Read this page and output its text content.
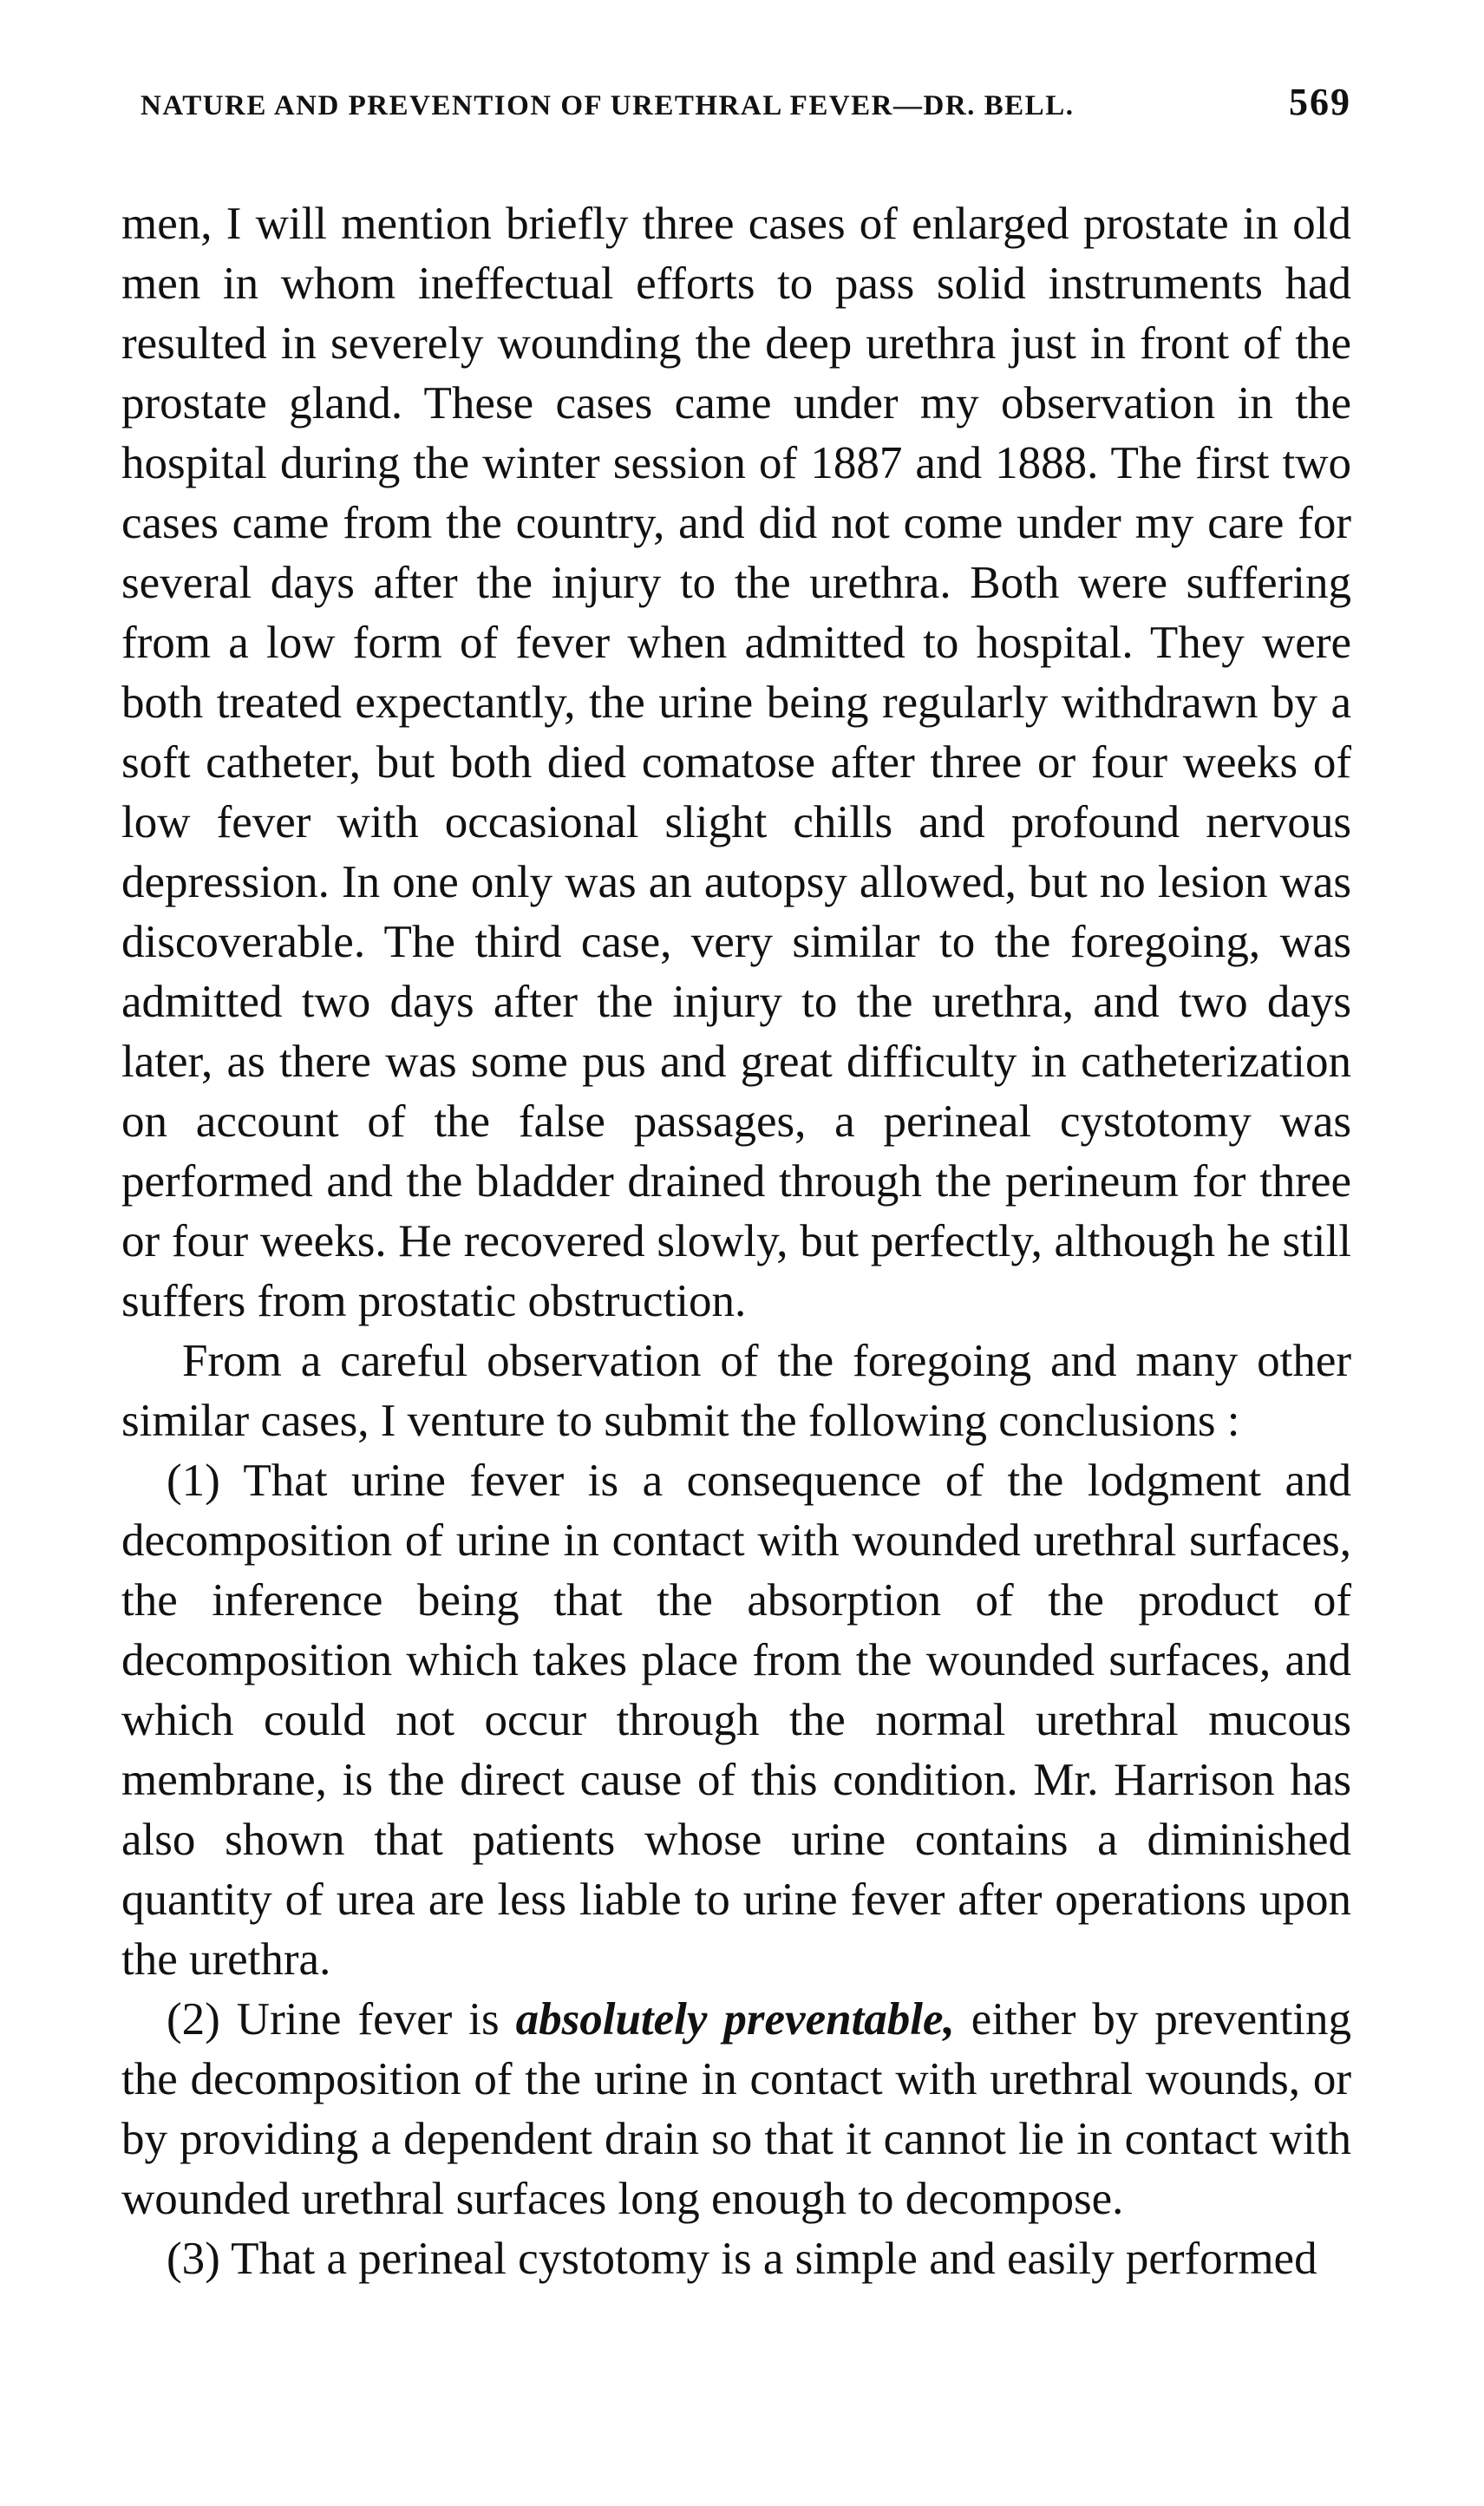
NATURE AND PREVENTION OF URETHRAL FEVER—DR. BELL.	569

men, I will mention briefly three cases of enlarged prostate in old men in whom ineffectual efforts to pass solid instruments had resulted in severely wounding the deep urethra just in front of the prostate gland. These cases came under my observation in the hospital during the winter session of 1887 and 1888. The first two cases came from the country, and did not come under my care for several days after the injury to the urethra. Both were suffering from a low form of fever when admitted to hospital. They were both treated expectantly, the urine being regularly withdrawn by a soft catheter, but both died comatose after three or four weeks of low fever with occasional slight chills and profound nervous depression. In one only was an autopsy allowed, but no lesion was discoverable. The third case, very similar to the foregoing, was admitted two days after the injury to the urethra, and two days later, as there was some pus and great difficulty in catheterization on account of the false passages, a perineal cystotomy was performed and the bladder drained through the perineum for three or four weeks. He recovered slowly, but perfectly, although he still suffers from prostatic obstruction.

From a careful observation of the foregoing and many other similar cases, I venture to submit the following conclusions :

(1) That urine fever is a consequence of the lodgment and decomposition of urine in contact with wounded urethral surfaces, the inference being that the absorption of the product of decomposition which takes place from the wounded surfaces, and which could not occur through the normal urethral mucous membrane, is the direct cause of this condition. Mr. Harrison has also shown that patients whose urine contains a diminished quantity of urea are less liable to urine fever after operations upon the urethra.

(2) Urine fever is absolutely preventable, either by preventing the decomposition of the urine in contact with urethral wounds, or by providing a dependent drain so that it cannot lie in contact with wounded urethral surfaces long enough to decompose.

(3) That a perineal cystotomy is a simple and easily performed
